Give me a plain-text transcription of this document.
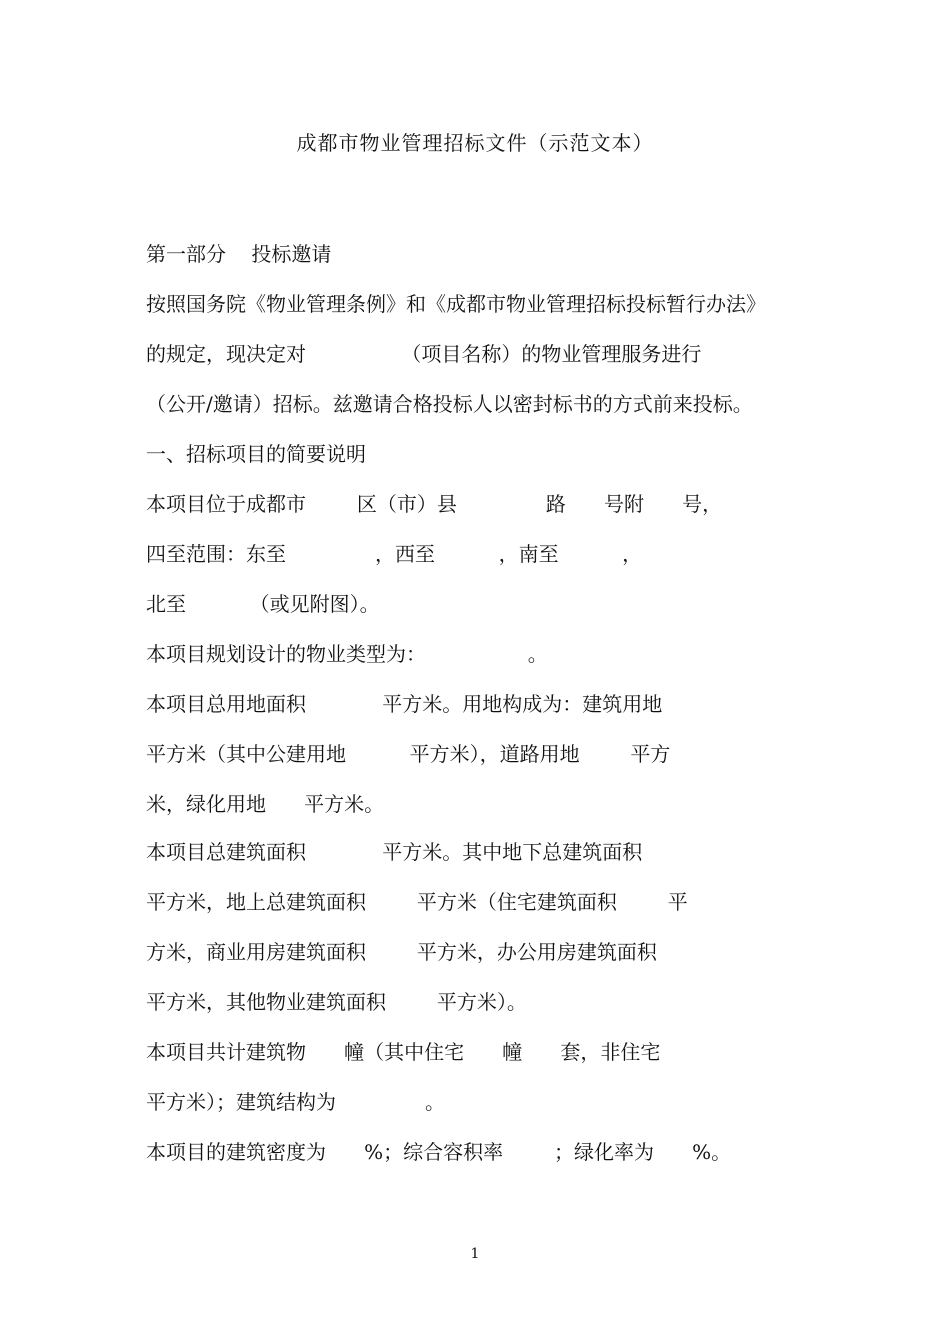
成都市物业管理招标文件（示范文本）
第一部分    投标邀请
按照国务院《物业管理条例》和《成都市物业管理招标投标暂行办法》
的规定，现决定对               （项目名称）的物业管理服务进行
（公开/邀请）招标。兹邀请合格投标人以密封标书的方式前来投标。
一、招标项目的简要说明
本项目位于成都市        区（市）县              路      号附      号，
四至范围：东至              ，西至          ，南至          ，
北至          （或见附图）。
本项目规划设计的物业类型为：                。
本项目总用地面积            平方米。用地构成为：建筑用地
平方米（其中公建用地          平方米），道路用地        平方
米，绿化用地      平方米。
本项目总建筑面积            平方米。其中地下总建筑面积
平方米，地上总建筑面积        平方米（住宅建筑面积        平
方米，商业用房建筑面积        平方米，办公用房建筑面积
平方米，其他物业建筑面积        平方米）。
本项目共计建筑物      幢（其中住宅      幢      套，非住宅
平方米）；建筑结构为              。
本项目的建筑密度为      %；综合容积率        ；绿化率为      %。
1
